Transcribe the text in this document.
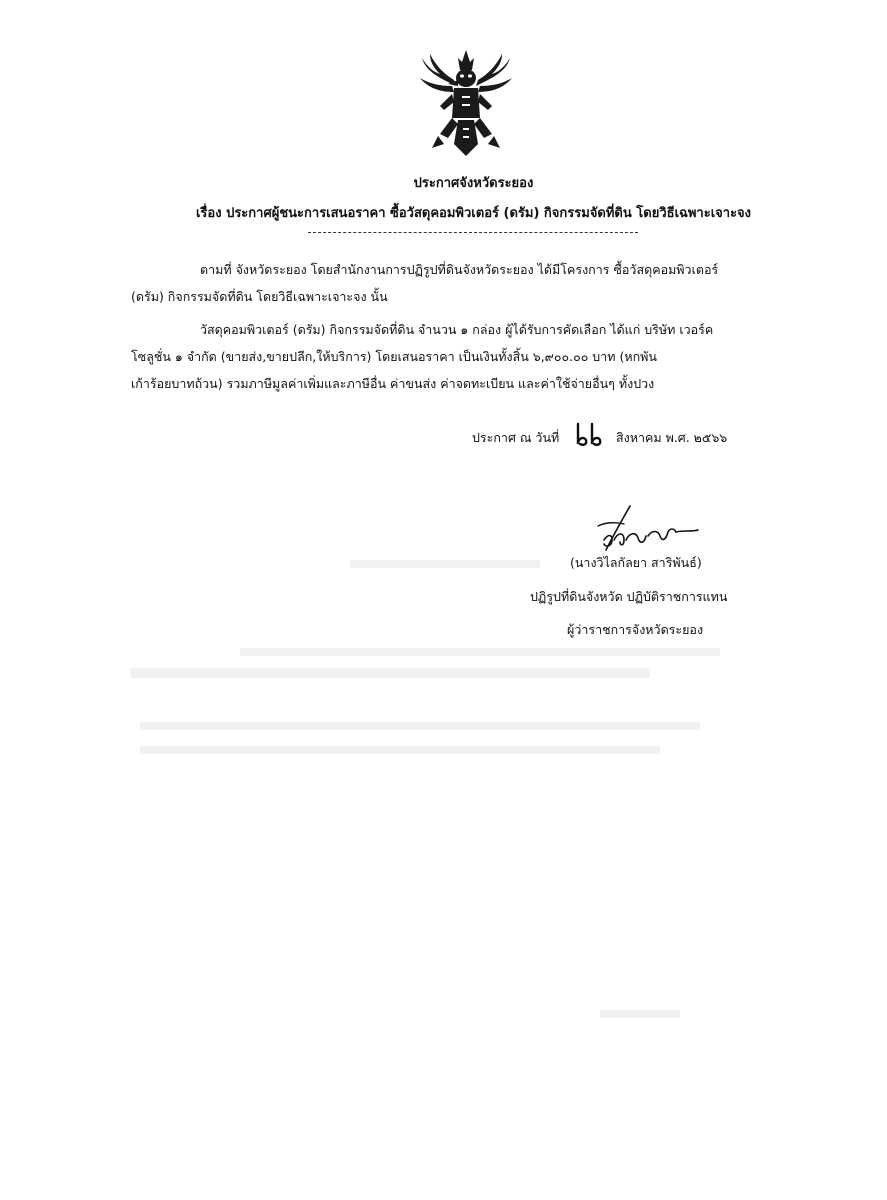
ประกาศจังหวัดระยอง
เรื่อง ประกาศผู้ชนะการเสนอราคา ซื้อวัสดุคอมพิวเตอร์ (ดรัม) กิจกรรมจัดที่ดิน โดยวิธีเฉพาะเจาะจง
ตามที่ จังหวัดระยอง โดยสำนักงานการปฏิรูปที่ดินจังหวัดระยอง ได้มีโครงการ ซื้อวัสดุคอมพิวเตอร์
(ดรัม) กิจกรรมจัดที่ดิน โดยวิธีเฉพาะเจาะจง นั้น
วัสดุคอมพิวเตอร์ (ดรัม) กิจกรรมจัดที่ดิน จำนวน ๑ กล่อง ผู้ได้รับการคัดเลือก ได้แก่ บริษัท เวอร์ค
โซลูชั่น ๑ จำกัด (ขายส่ง,ขายปลีก,ให้บริการ) โดยเสนอราคา เป็นเงินทั้งสิ้น ๖,๙๐๐.๐๐ บาท (หกพัน
เก้าร้อยบาทถ้วน) รวมภาษีมูลค่าเพิ่มและภาษีอื่น ค่าขนส่ง ค่าจดทะเบียน และค่าใช้จ่ายอื่นๆ ทั้งปวง
ประกาศ ณ วันที่	สิงหาคม พ.ศ. ๒๕๖๖
(นางวิไลกัลยา สาริพันธ์)
ปฏิรูปที่ดินจังหวัด ปฏิบัติราชการแทน
ผู้ว่าราชการจังหวัดระยอง
